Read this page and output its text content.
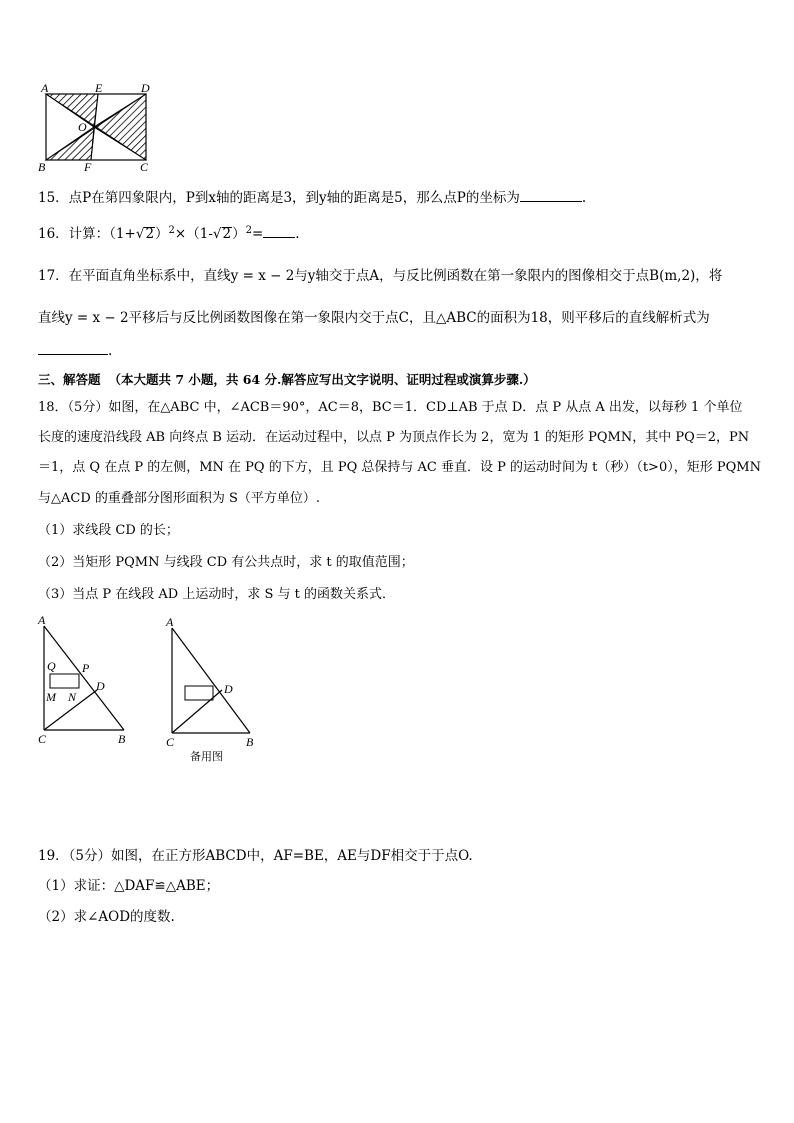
A	E	D
O
B	F	C
15．点P在第四象限内，P到x轴的距离是3，到y轴的距离是5，那么点P的坐标为	.
16．计算：$(1+√2)^2\times(1-√2)^2=$ .
17．在平面直角坐标系中，直线y = x − 2与y轴交于点A，与反比例函数在第一象限内的图像相交于点B(m,2)，将
直线y = x − 2平移后与反比例函数图像在第一象限内交于点C，且△ABC的面积为18，则平移后的直线解析式为
.
三、解答题 （本大题共 7 小题，共 64 分.解答应写出文字说明、证明过程或演算步骤.）
18．（5分）如图，在△ABC 中，∠ACB＝90°，AC＝8，BC＝1．CD⊥AB 于点 D．点 P 从点 A 出发，以每秒 1 个单位
长度的速度沿线段 AB 向终点 B 运动．在运动过程中，以点 P 为顶点作长为 2，宽为 1 的矩形 PQMN，其中 PQ＝2，PN
＝1，点 Q 在点 P 的左侧，MN 在 PQ 的下方，且 PQ 总保持与 AC 垂直．设 P 的运动时间为 t（秒）（t>0），矩形 PQMN
与△ACD 的重叠部分图形面积为 S（平方单位）.
（1）求线段 CD 的长；
（2）当矩形 PQMN 与线段 CD 有公共点时，求 t 的取值范围；
（3）当点 P 在线段 AD 上运动时，求 S 与 t 的函数关系式．
A
Q P
D
M N
C	B
A
D
C	B
备用图
19．（5分）如图，在正方形ABCD中，AF=BE，AE与DF相交于于点O.
（1）求证：△DAF≌△ABE；
（2）求∠AOD的度数.
